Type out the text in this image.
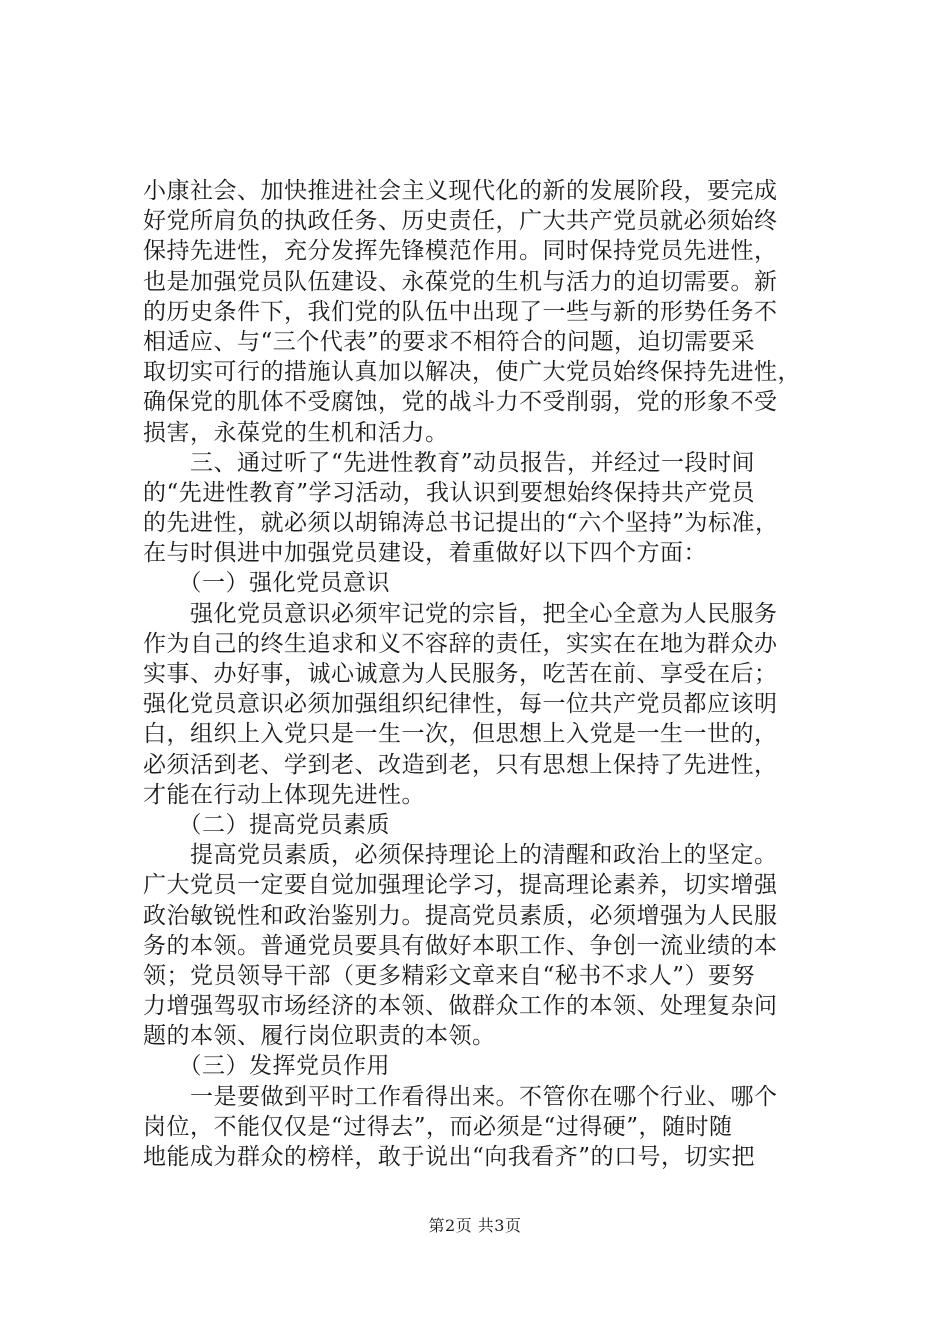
小康社会、加快推进社会主义现代化的新的发展阶段，要完成
好党所肩负的执政任务、历史责任，广大共产党员就必须始终
保持先进性，充分发挥先锋模范作用。同时保持党员先进性，
也是加强党员队伍建设、永葆党的生机与活力的迫切需要。新
的历史条件下，我们党的队伍中出现了一些与新的形势任务不
相适应、与“三个代表”的要求不相符合的问题，迫切需要采
取切实可行的措施认真加以解决，使广大党员始终保持先进性，
确保党的肌体不受腐蚀，党的战斗力不受削弱，党的形象不受
损害，永葆党的生机和活力。
　　三、通过听了“先进性教育”动员报告，并经过一段时间
的“先进性教育”学习活动，我认识到要想始终保持共产党员
的先进性，就必须以胡锦涛总书记提出的“六个坚持”为标准，
在与时俱进中加强党员建设，着重做好以下四个方面：
　　（一）强化党员意识
　　强化党员意识必须牢记党的宗旨，把全心全意为人民服务
作为自己的终生追求和义不容辞的责任，实实在在地为群众办
实事、办好事，诚心诚意为人民服务，吃苦在前、享受在后；
强化党员意识必须加强组织纪律性，每一位共产党员都应该明
白，组织上入党只是一生一次，但思想上入党是一生一世的，
必须活到老、学到老、改造到老，只有思想上保持了先进性，
才能在行动上体现先进性。
　　（二）提高党员素质
　　提高党员素质，必须保持理论上的清醒和政治上的坚定。
广大党员一定要自觉加强理论学习，提高理论素养，切实增强
政治敏锐性和政治鉴别力。提高党员素质，必须增强为人民服
务的本领。普通党员要具有做好本职工作、争创一流业绩的本
领；党员领导干部（更多精彩文章来自“秘书不求人”）要努
力增强驾驭市场经济的本领、做群众工作的本领、处理复杂问
题的本领、履行岗位职责的本领。
　　（三）发挥党员作用
　　一是要做到平时工作看得出来。不管你在哪个行业、哪个
岗位，不能仅仅是“过得去”，而必须是“过得硬”，随时随
地能成为群众的榜样，敢于说出“向我看齐”的口号，切实把
第2页 共3页
